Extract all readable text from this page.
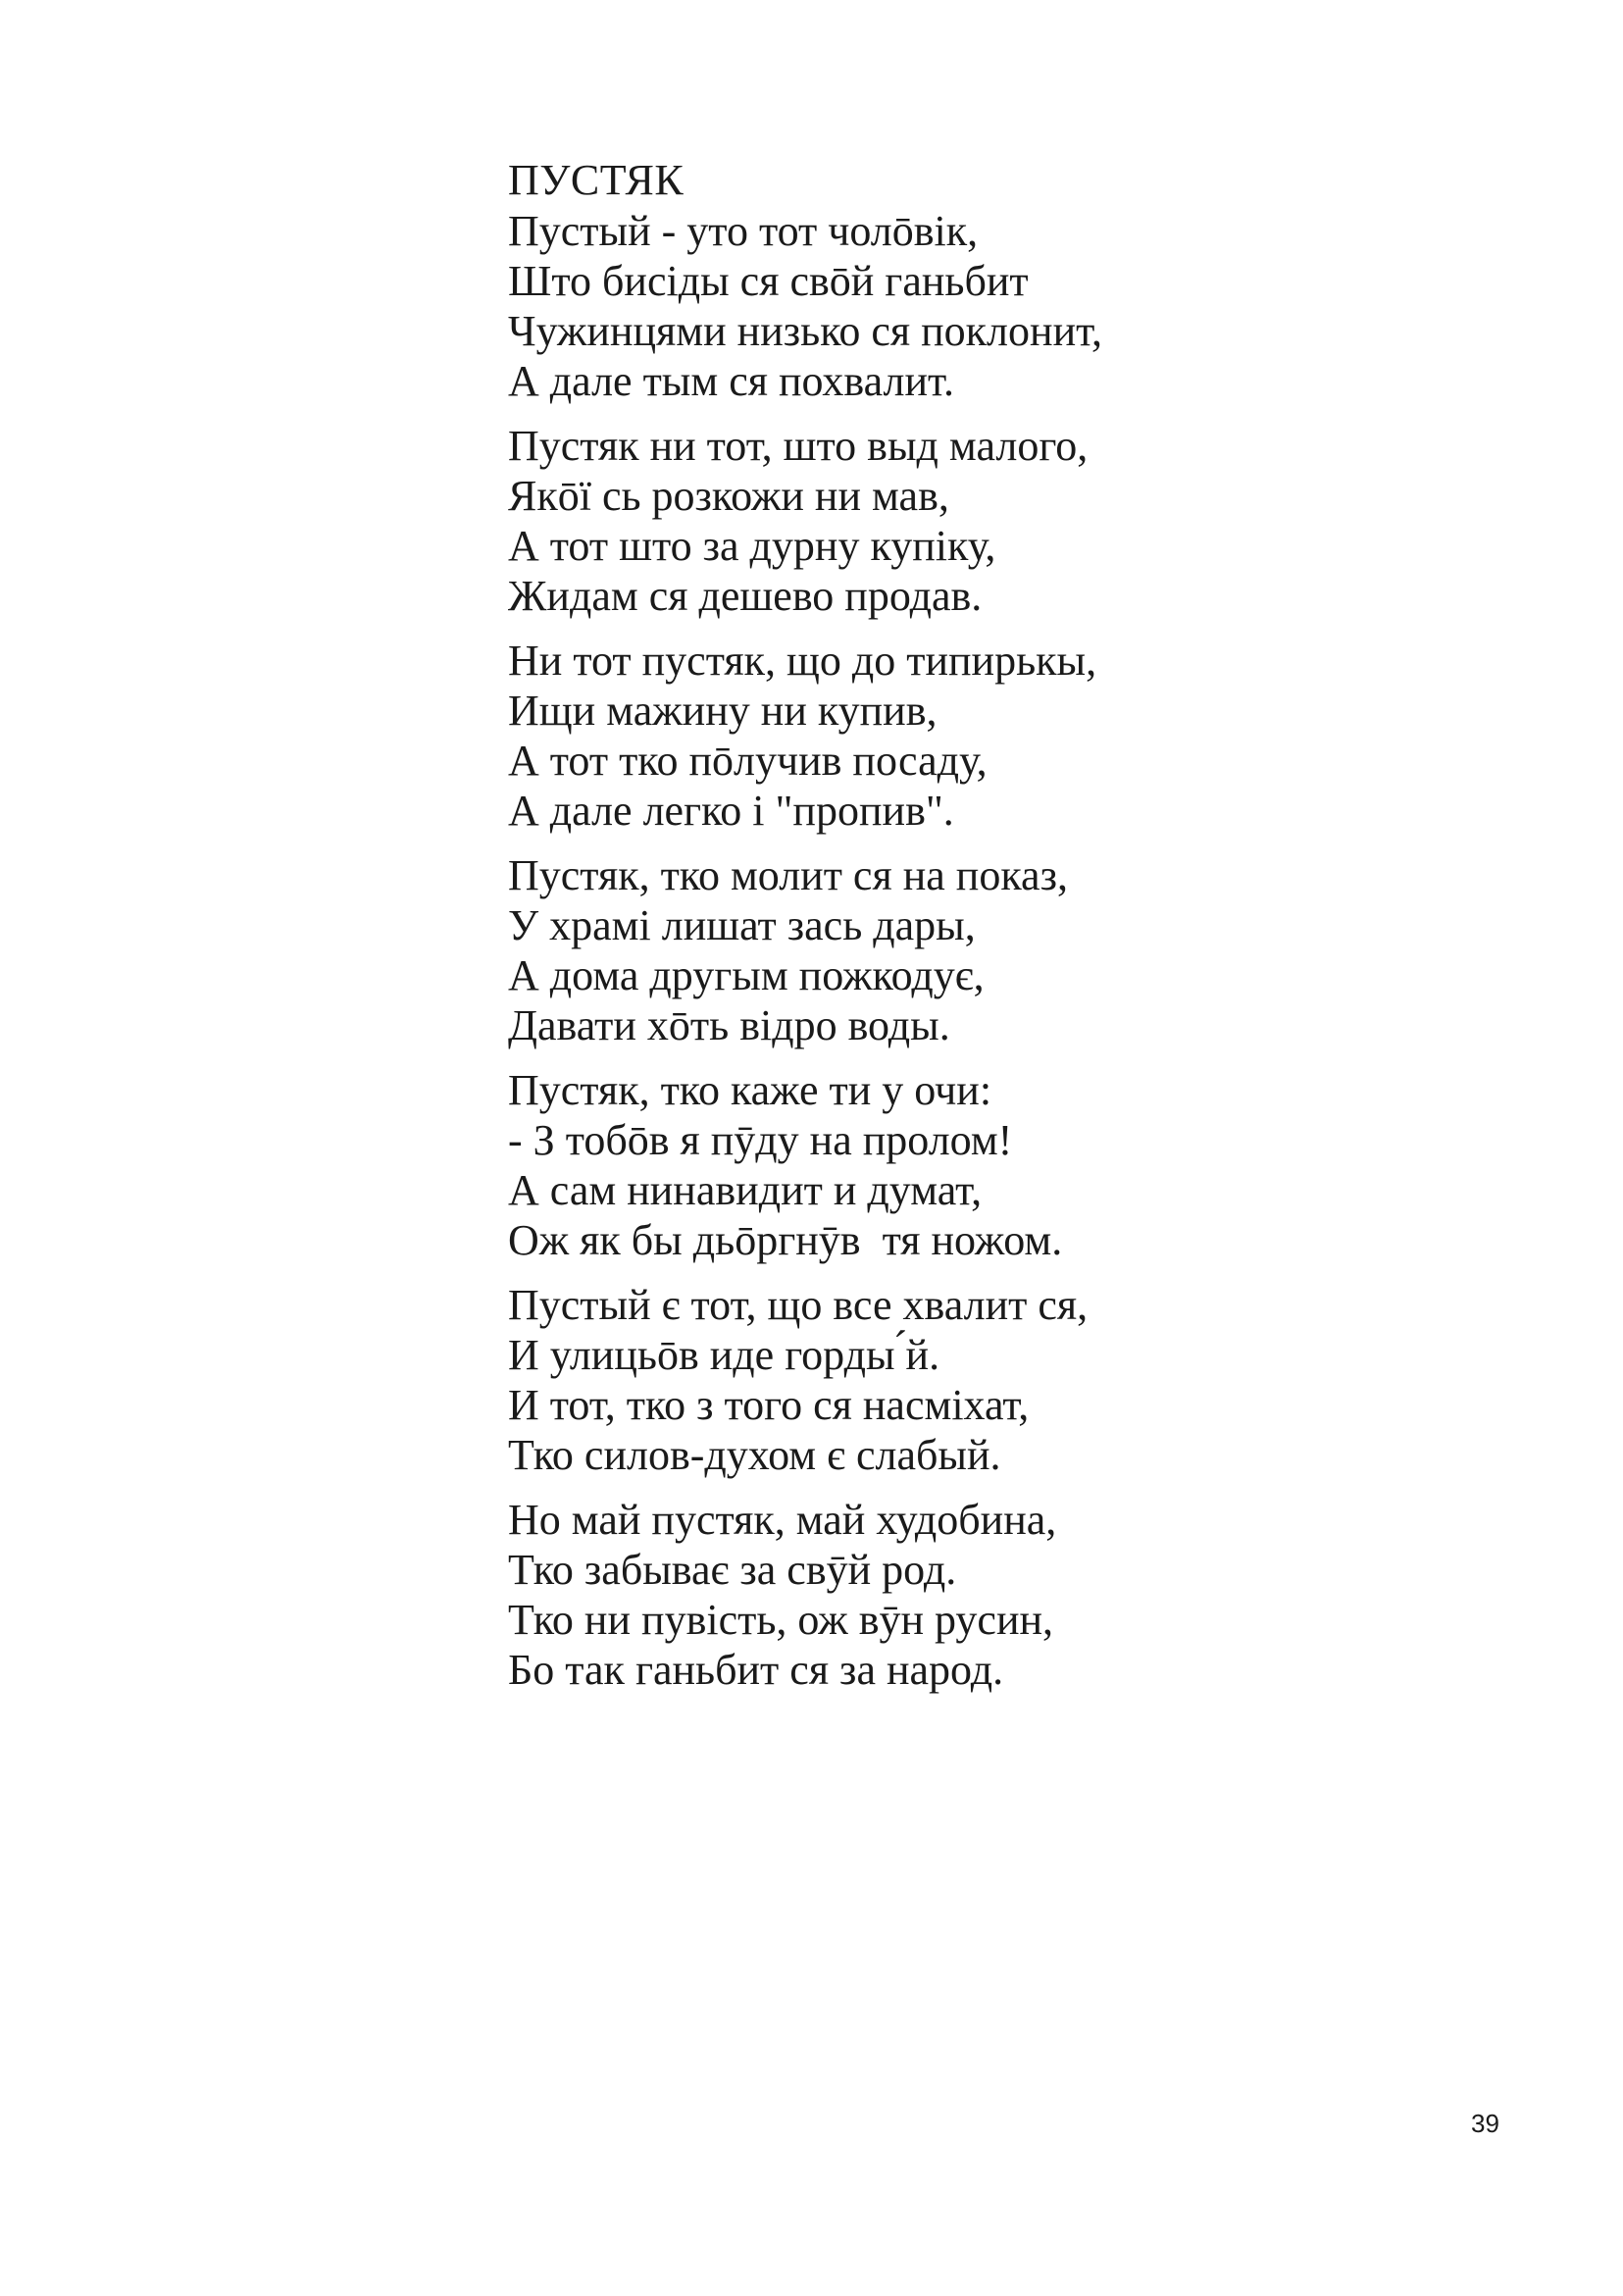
ПУСТЯК
Пустый - уто тот чолōвік,
Што бисіды ся свōй ганьбит
Чужинцями низько ся поклонит,
А дале тым ся похвалит.
Пустяк ни тот, што выд малого,
Якōї сь розкожи ни мав,
А тот што за дурну купіку,
Жидам ся дешево продав.
Ни тот пустяк, що до типирькы,
Ищи мажину ни купив,
А тот тко пōлучив посаду,
А дале легко і "пропив".
Пустяк, тко молит ся на показ,
У храмі лишат зась дары,
А дома другым пожкодує,
Давати хōть відро воды.
Пустяк, тко каже ти у очи:
- З тобōв я пӯду на пролом!
А сам нинавидит и думат,
Ож як бы дьōргнӯв  тя ножом.
Пустый є тот, що все хвалит ся,
И улицьōв иде горды ́й.
И тот, тко з того ся насміхат,
Тко силов-духом є слабый.
Но май пустяк, май худобина,
Тко забыває за свӯй род.
Тко ни пувість, ож вӯн русин,
Бо так ганьбит ся за народ.
39
